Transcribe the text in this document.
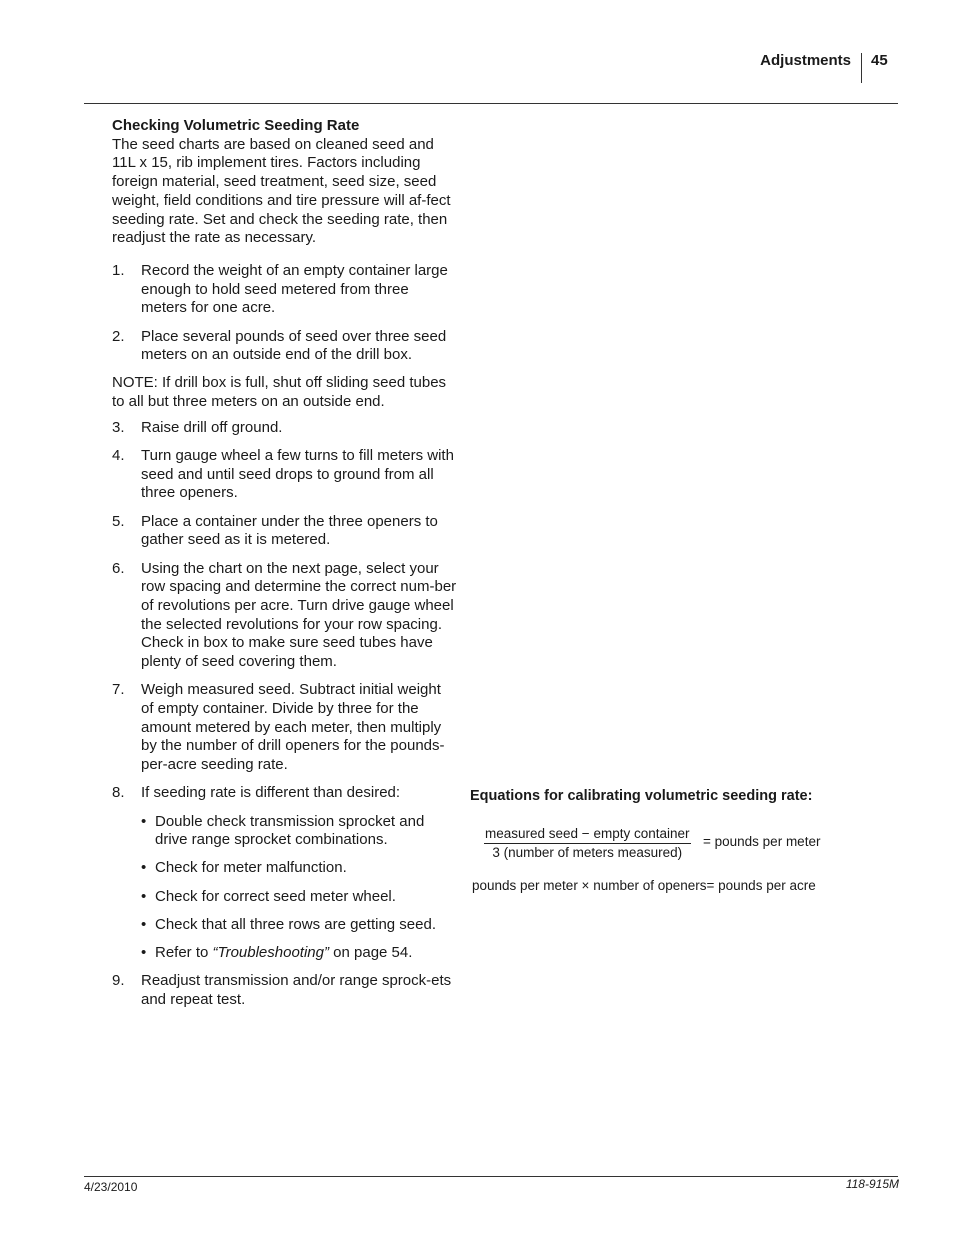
Adjustments 45

Checking Volumetric Seeding Rate

The seed charts are based on cleaned seed and 11L x 15, rib implement tires. Factors including foreign material, seed treatment, seed size, seed weight, field conditions and tire pressure will af-fect seeding rate. Set and check the seeding rate, then readjust the rate as necessary.

1.	Record the weight of an empty container large enough to hold seed metered from three meters for one acre.
2.	Place several pounds of seed over three seed meters on an outside end of the drill box.

NOTE: If drill box is full, shut off sliding seed tubes to all but three meters on an outside end.

3.	Raise drill off ground.
4.	Turn gauge wheel a few turns to fill meters with seed and until seed drops to ground from all three openers.
5.	Place a container under the three openers to gather seed as it is metered.
6.	Using the chart on the next page, select your row spacing and determine the correct num-ber of revolutions per acre. Turn drive gauge wheel the selected revolutions for your row spacing. Check in box to make sure seed tubes have plenty of seed covering them.
7.	Weigh measured seed. Subtract initial weight of empty container. Divide by three for the amount metered by each meter, then multiply by the number of drill openers for the pounds-per-acre seeding rate.
8.	If seeding rate is different than desired:
• Double check transmission sprocket and drive range sprocket combinations.
• Check for meter malfunction.
• Check for correct seed meter wheel.
• Check that all three rows are getting seed.
• Refer to “Troubleshooting” on page 54.
9.	Readjust transmission and/or range sprock-ets and repeat test.
Equations for calibrating volumetric seeding rate:
measured seed − empty container
3 (number of meters measured)
= pounds per meter
pounds per meter × number of openers= pounds per acre
4/23/2010	118-915M
